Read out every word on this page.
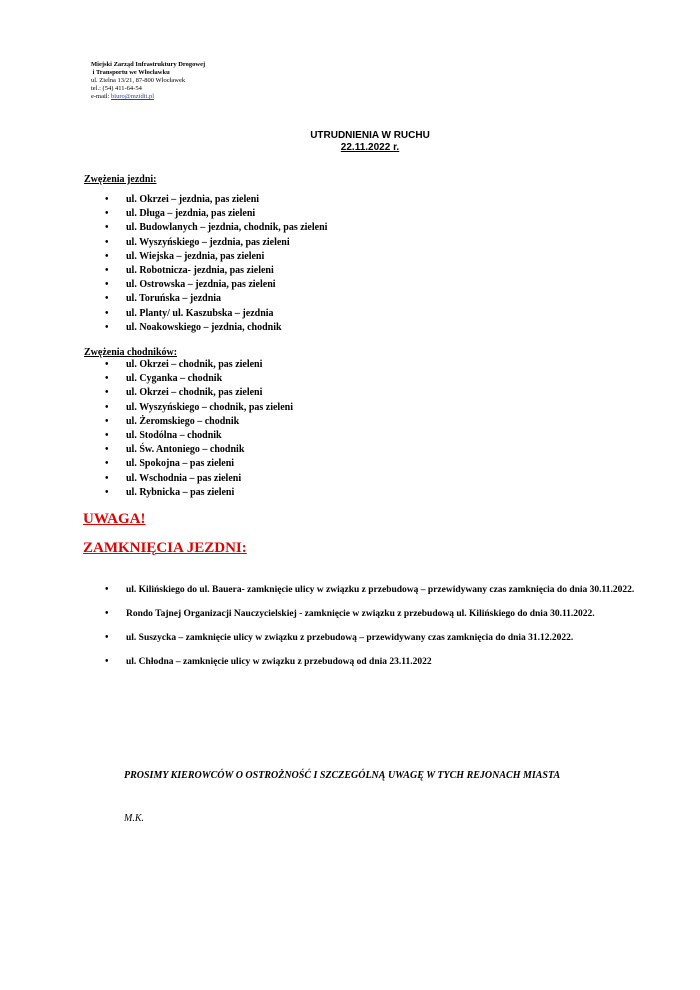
Miejski Zarząd Infrastruktury Drogowej
i Transportu we Włocławku
ul. Zielna 13/21, 87-800 Włocławek
tel.: (54) 411-64-54
e-mail: biuro@mzidit.pl
UTRUDNIENIA W RUCHU
22.11.2022 r.
Zwężenia jezdni:
• ul. Okrzei – jezdnia, pas zieleni
• ul. Długa – jezdnia, pas zieleni
• ul. Budowlanych – jezdnia, chodnik, pas zieleni
• ul. Wyszyńskiego – jezdnia, pas zieleni
• ul. Wiejska – jezdnia, pas zieleni
• ul. Robotnicza- jezdnia, pas zieleni
• ul. Ostrowska – jezdnia, pas zieleni
• ul. Toruńska – jezdnia
• ul. Planty/ ul. Kaszubska – jezdnia
• ul. Noakowskiego – jezdnia, chodnik
Zwężenia chodników:
• ul. Okrzei – chodnik, pas zieleni
• ul. Cyganka – chodnik
• ul. Okrzei – chodnik, pas zieleni
• ul. Wyszyńskiego – chodnik, pas zieleni
• ul. Żeromskiego – chodnik
• ul. Stodólna – chodnik
• ul. Św. Antoniego – chodnik
• ul. Spokojna – pas zieleni
• ul. Wschodnia – pas zieleni
• ul. Rybnicka – pas zieleni
UWAGA!
ZAMKNIĘCIA JEZDNI:
• ul. Kilińskiego do ul. Bauera- zamknięcie ulicy w związku z przebudową – przewidywany czas zamknięcia do dnia 30.11.2022.
• Rondo Tajnej Organizacji Nauczycielskiej - zamknięcie w związku z przebudową ul. Kilińskiego do dnia 30.11.2022.
• ul. Suszycka – zamknięcie ulicy w związku z przebudową – przewidywany czas zamknięcia do dnia 31.12.2022.
• ul. Chłodna – zamknięcie ulicy w związku z przebudową od dnia 23.11.2022
PROSIMY KIEROWCÓW O OSTROŻNOŚĆ I SZCZEGÓLNĄ UWAGĘ W TYCH REJONACH MIASTA
M.K.
